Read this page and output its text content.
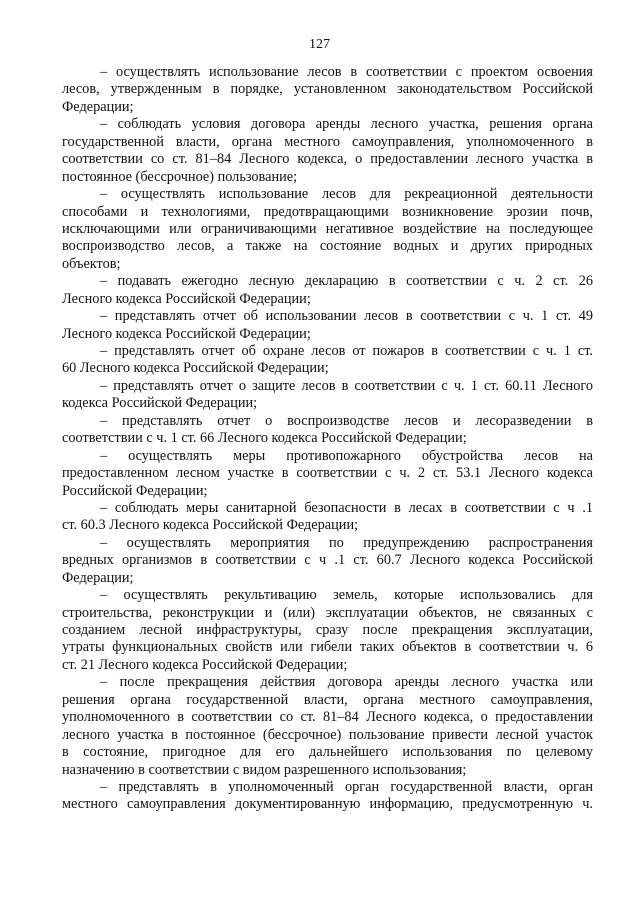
127
– осуществлять использование лесов в соответствии с проектом освоения
лесов, утвержденным в порядке, установленном законодательством Российской
Федерации;
– соблюдать условия договора аренды лесного участка, решения органа
государственной власти, органа местного самоуправления, уполномоченного в
соответствии со ст. 81–84 Лесного кодекса, о предоставлении лесного участка в
постоянное (бессрочное) пользование;
– осуществлять использование лесов для рекреационной деятельности
способами и технологиями, предотвращающими возникновение эрозии почв,
исключающими или ограничивающими негативное воздействие на последующее
воспроизводство лесов, а также на состояние водных и других природных
объектов;
– подавать ежегодно лесную декларацию в соответствии с ч. 2 ст. 26
Лесного кодекса Российской Федерации;
– представлять отчет об использовании лесов в соответствии с ч. 1 ст. 49
Лесного кодекса Российской Федерации;
– представлять отчет об охране лесов от пожаров в соответствии с ч. 1 ст.
60 Лесного кодекса Российской Федерации;
– представлять отчет о защите лесов в соответствии с ч. 1 ст. 60.11 Лесного
кодекса Российской Федерации;
– представлять отчет о воспроизводстве лесов и лесоразведении в
соответствии с ч. 1 ст. 66 Лесного кодекса Российской Федерации;
– осуществлять меры противопожарного обустройства лесов на
предоставленном лесном участке в соответствии с ч. 2 ст. 53.1 Лесного кодекса
Российской Федерации;
– соблюдать меры санитарной безопасности в лесах в соответствии с ч .1
ст. 60.3 Лесного кодекса Российской Федерации;
– осуществлять мероприятия по предупреждению распространения
вредных организмов в соответствии с ч .1 ст. 60.7 Лесного кодекса Российской
Федерации;
– осуществлять рекультивацию земель, которые использовались для
строительства, реконструкции и (или) эксплуатации объектов, не связанных с
созданием лесной инфраструктуры, сразу после прекращения эксплуатации,
утраты функциональных свойств или гибели таких объектов в соответствии ч. 6
ст. 21 Лесного кодекса Российской Федерации;
– после прекращения действия договора аренды лесного участка или
решения органа государственной власти, органа местного самоуправления,
уполномоченного в соответствии со ст. 81–84 Лесного кодекса, о предоставлении
лесного участка в постоянное (бессрочное) пользование привести лесной участок
в состояние, пригодное для его дальнейшего использования по целевому
назначению в соответствии с видом разрешенного использования;
– представлять в уполномоченный орган государственной власти, орган
местного самоуправления документированную информацию, предусмотренную ч.
